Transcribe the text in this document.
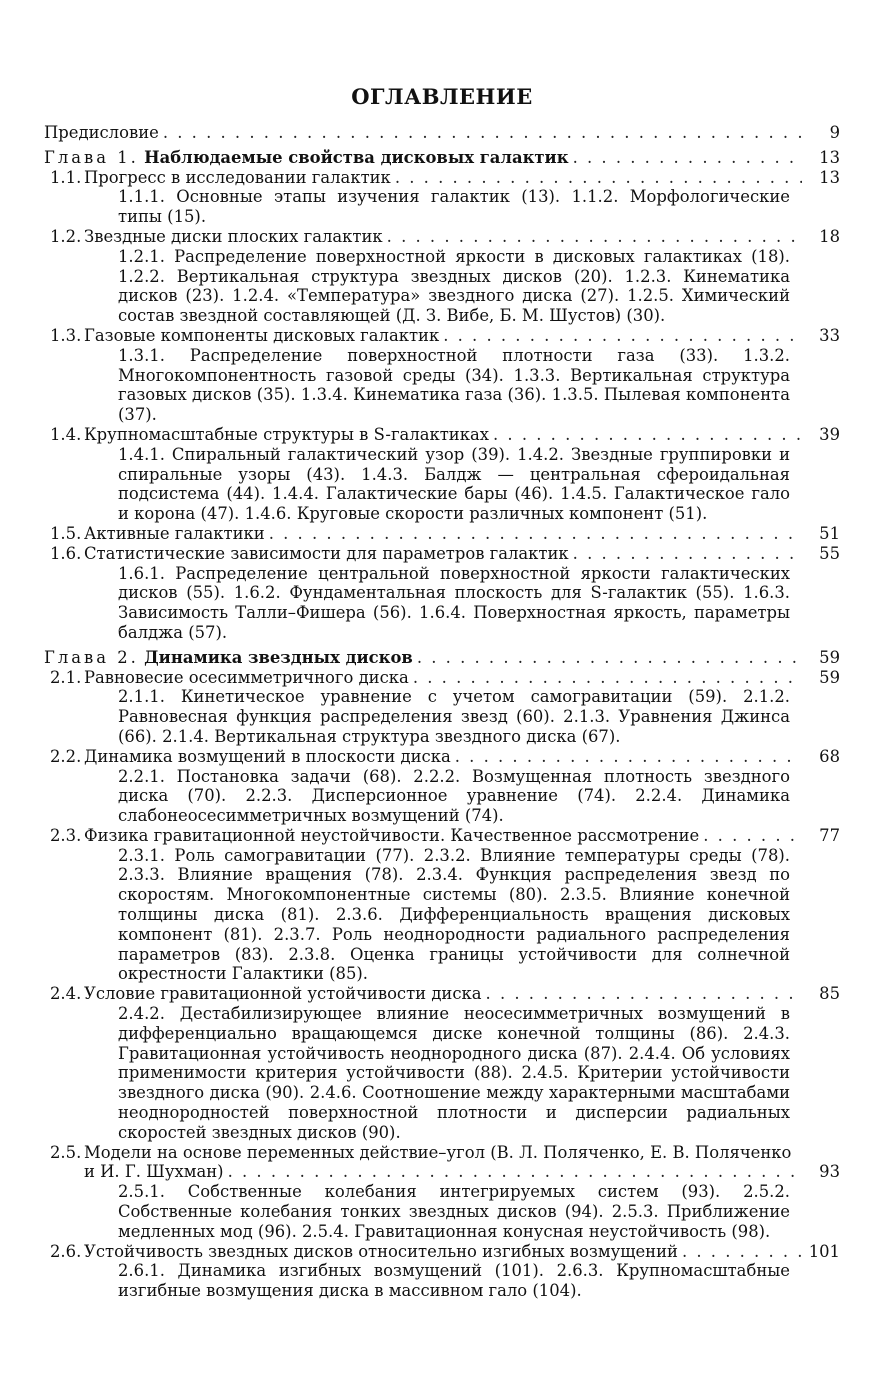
ОГЛАВЛЕНИЕ
Предисловие . . .	9
Глава 1. Наблюдаемые свойства дисковых галактик . . .	13
1.1. Прогресс в исследовании галактик . . .	13
1.1.1. Основные этапы изучения галактик (13). 1.1.2. Морфологические типы (15).
1.2. Звездные диски плоских галактик . . .	18
1.2.1. Распределение поверхностной яркости в дисковых галактиках (18). 1.2.2. Вертикальная структура звездных дисков (20). 1.2.3. Кинематика дисков (23). 1.2.4. «Температура» звездного диска (27). 1.2.5. Химический состав звездной составляющей (Д. З. Вибе, Б. М. Шустов) (30).
1.3. Газовые компоненты дисковых галактик . . .	33
1.3.1. Распределение поверхностной плотности газа (33). 1.3.2. Многокомпонентность газовой среды (34). 1.3.3. Вертикальная структура газовых дисков (35). 1.3.4. Кинематика газа (36). 1.3.5. Пылевая компонента (37).
1.4. Крупномасштабные структуры в S-галактиках . . .	39
1.4.1. Спиральный галактический узор (39). 1.4.2. Звездные группировки и спиральные узоры (43). 1.4.3. Балдж — центральная сфероидальная подсистема (44). 1.4.4. Галактические бары (46). 1.4.5. Галактическое гало и корона (47). 1.4.6. Круговые скорости различных компонент (51).
1.5. Активные галактики . . .	51
1.6. Статистические зависимости для параметров галактик . . .	55
1.6.1. Распределение центральной поверхностной яркости галактических дисков (55). 1.6.2. Фундаментальная плоскость для S-галактик (55). 1.6.3. Зависимость Талли–Фишера (56). 1.6.4. Поверхностная яркость, параметры балджа (57).
Глава 2. Динамика звездных дисков . . .	59
2.1. Равновесие осесимметричного диска . . .	59
2.1.1. Кинетическое уравнение с учетом самогравитации (59). 2.1.2. Равновесная функция распределения звезд (60). 2.1.3. Уравнения Джинса (66). 2.1.4. Вертикальная структура звездного диска (67).
2.2. Динамика возмущений в плоскости диска . . .	68
2.2.1. Постановка задачи (68). 2.2.2. Возмущенная плотность звездного диска (70). 2.2.3. Дисперсионное уравнение (74). 2.2.4. Динамика слабонеосесимметричных возмущений (74).
2.3. Физика гравитационной неустойчивости. Качественное рассмотрение . . .	77
2.3.1. Роль самогравитации (77). 2.3.2. Влияние температуры среды (78). 2.3.3. Влияние вращения (78). 2.3.4. Функция распределения звезд по скоростям. Многокомпонентные системы (80). 2.3.5. Влияние конечной толщины диска (81). 2.3.6. Дифференциальность вращения дисковых компонент (81). 2.3.7. Роль неоднородности радиального распределения параметров (83). 2.3.8. Оценка границы устойчивости для солнечной окрестности Галактики (85).
2.4. Условие гравитационной устойчивости диска . . .	85
2.4.2. Дестабилизирующее влияние неосесимметричных возмущений в дифференциально вращающемся диске конечной толщины (86). 2.4.3. Гравитационная устойчивость неоднородного диска (87). 2.4.4. Об условиях применимости критерия устойчивости (88). 2.4.5. Критерии устойчивости звездного диска (90). 2.4.6. Соотношение между характерными масштабами неоднородностей поверхностной плотности и дисперсии радиальных скоростей звездных дисков (90).
2.5. Модели на основе переменных действие–угол (В. Л. Поляченко, Е. В. Поляченко
и И. Г. Шухман) . . .	93
2.5.1. Собственные колебания интегрируемых систем (93). 2.5.2. Собственные колебания тонких звездных дисков (94). 2.5.3. Приближение медленных мод (96). 2.5.4. Гравитационная конусная неустойчивость (98).
2.6. Устойчивость звездных дисков относительно изгибных возмущений . . .	101
2.6.1. Динамика изгибных возмущений (101). 2.6.3. Крупномасштабные изгибные возмущения диска в массивном гало (104).
